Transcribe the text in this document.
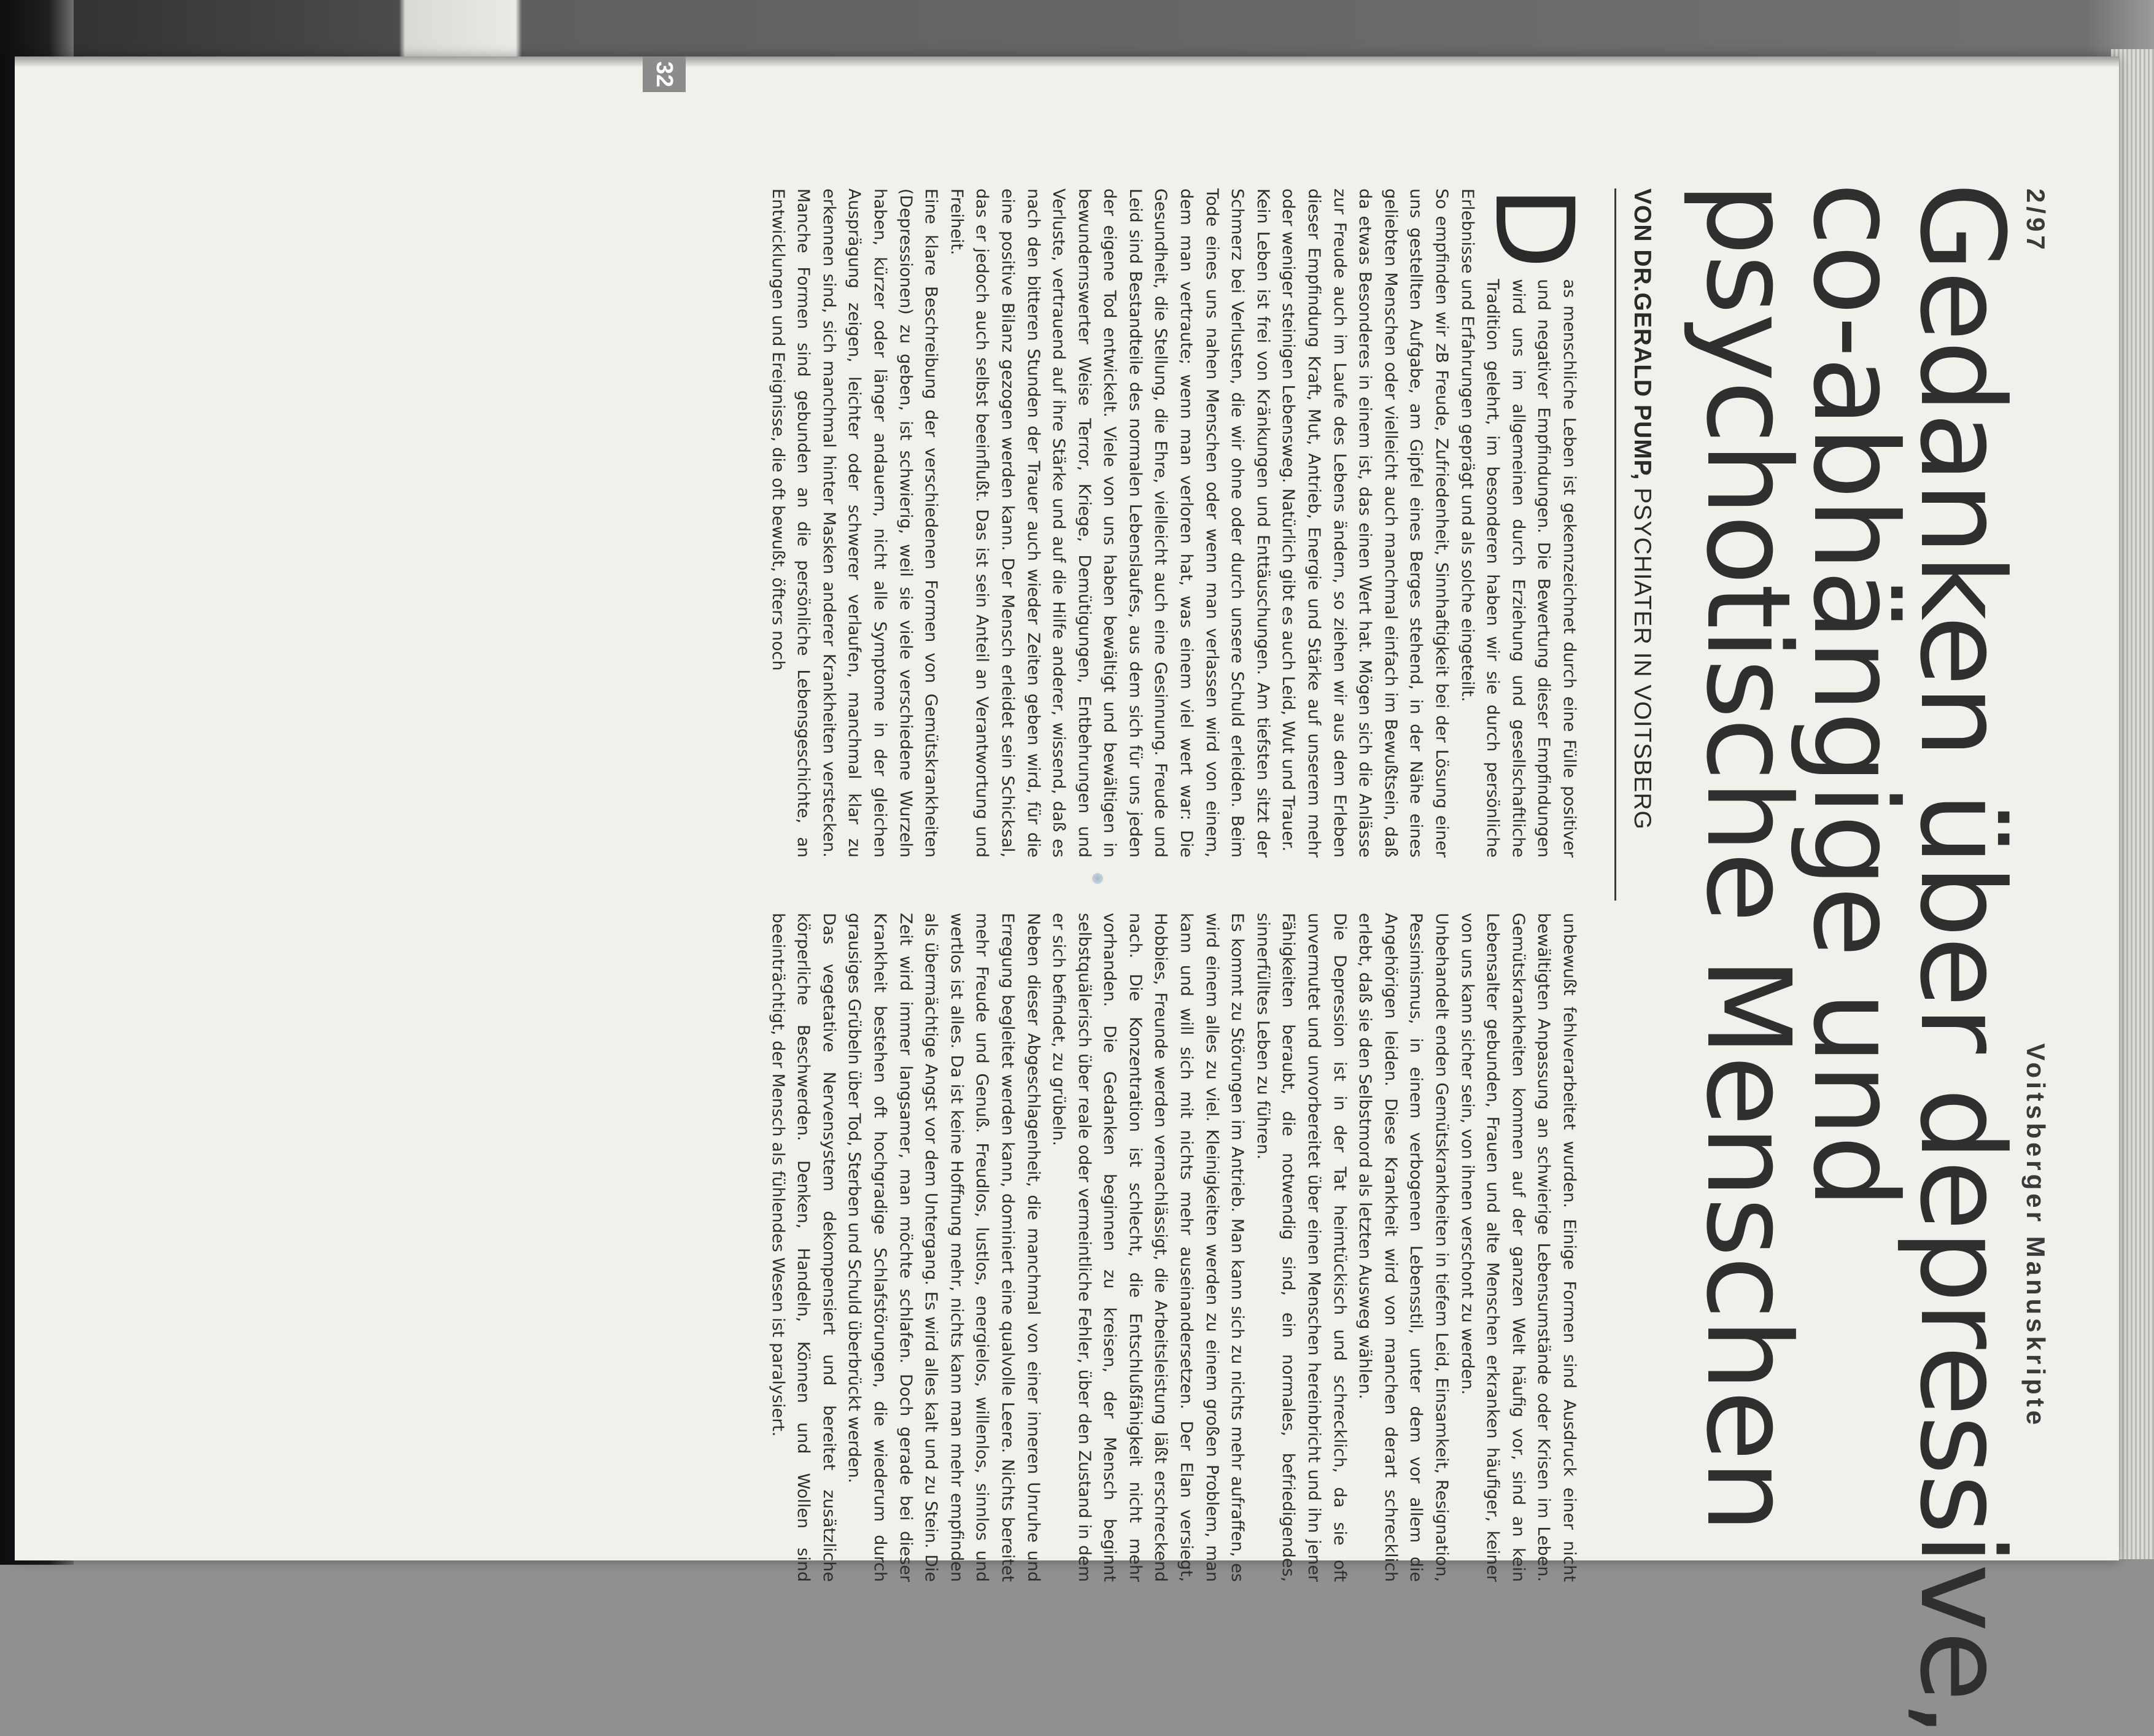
2/97
Voitsberger Manuskripte
Gedanken über depressive,
co-abhängige und
psychotische Menschen
VON DR.GERALD PUMP, PSYCHIATER IN VOITSBERG
D

as menschliche Leben ist gekennzeichnet durch eine Fülle positiver und negativer Empfindungen. Die Bewertung dieser Empfindungen wird uns im allgemeinen durch Erziehung und gesellschaftliche Tradition gelehrt, im besonderen haben wir sie durch persönliche Erlebnisse und Erfahrungen geprägt und als solche eingeteilt.

So empfinden wir zB Freude, Zufriedenheit, Sinnhaftigkeit bei der Lösung einer uns gestellten Aufgabe, am Gipfel eines Berges stehend, in der Nähe eines geliebten Menschen oder vielleicht auch manchmal einfach im Bewußtsein, daß da etwas Besonderes in einem ist, das einen Wert hat. Mögen sich die Anlässe zur Freude auch im Laufe des Lebens ändern, so ziehen wir aus dem Erleben dieser Empfindung Kraft, Mut, Antrieb, Energie und Stärke auf unserem mehr oder weniger steinigen Lebensweg. Natürlich gibt es auch Leid, Wut und Trauer.

Kein Leben ist frei von Kränkungen und Enttäuschungen. Am tiefsten sitzt der Schmerz bei Verlusten, die wir ohne oder durch unsere Schuld erleiden. Beim Tode eines uns nahen Menschen oder wenn man verlassen wird von einem, dem man vertraute; wenn man verloren hat, was einem viel wert war: Die Gesundheit, die Stellung, die Ehre, vielleicht auch eine Gesinnung. Freude und Leid sind Bestandteile des normalen Lebenslaufes, aus dem sich für uns jeden der eigene Tod entwickelt. Viele von uns haben bewältigt und bewältigen in bewundernswerter Weise Terror, Kriege, Demütigungen, Entbehrungen und Verluste, vertrauend auf ihre Stärke und auf die Hilfe anderer, wissend, daß es nach den bitteren Stunden der Trauer auch wieder Zeiten geben wird, für die eine positive Bilanz gezogen werden kann. Der Mensch erleidet sein Schicksal, das er jedoch auch selbst beeinflußt. Das ist sein Anteil an Verantwortung und Freiheit.

Eine klare Beschreibung der verschiedenen Formen von Gemütskrankheiten (Depressionen) zu geben, ist schwierig, weil sie viele verschiedene Wurzeln haben, kürzer oder länger andauern, nicht alle Symptome in der gleichen Ausprägung zeigen, leichter oder schwerer verlaufen, manchmal klar zu erkennen sind, sich manchmal hinter Masken anderer Krankheiten verstecken. Manche Formen sind gebunden an die persönliche Lebensgeschichte, an Entwicklungen und Ereignisse, die oft bewußt, öfters noch

unbewußt fehlverarbeitet wurden. Einige Formen sind Ausdruck einer nicht bewältigten Anpassung an schwierige Lebensumstände oder Krisen im Leben. Gemütskrankheiten kommen auf der ganzen Welt häufig vor, sind an kein Lebensalter gebunden, Frauen und alte Menschen erkranken häufiger, keiner von uns kann sicher sein, von ihnen verschont zu werden.

Unbehandelt enden Gemütskrankheiten in tiefem Leid, Einsamkeit, Resignation, Pessimismus, in einem verbogenen Lebensstil, unter dem vor allem die Angehörigen leiden. Diese Krankheit wird von manchen derart schrecklich erlebt, daß sie den Selbstmord als letzten Ausweg wählen.

Die Depression ist in der Tat heimtückisch und schrecklich, da sie oft unvermutet und unvorbereitet über einen Menschen hereinbricht und ihn jener Fähigkeiten beraubt, die notwendig sind, ein normales, befriedigendes, sinnerfülltes Leben zu führen.

Es kommt zu Störungen im Antrieb. Man kann sich zu nichts mehr aufraffen, es wird einem alles zu viel. Kleinigkeiten werden zu einem großen Problem, man kann und will sich mit nichts mehr auseinandersetzen. Der Elan versiegt, Hobbies, Freunde werden vernachlässigt, die Arbeitsleistung läßt erschreckend nach. Die Konzentration ist schlecht, die Entschlußfähigkeit nicht mehr vorhanden. Die Gedanken beginnen zu kreisen, der Mensch beginnt selbstquälerisch über reale oder vermeintliche Fehler, über den Zustand in dem er sich befindet, zu grübeln.

Neben dieser Abgeschlagenheit, die manchmal von einer inneren Unruhe und Erregung begleitet werden kann, dominiert eine qualvolle Leere. Nichts bereitet mehr Freude und Genuß. Freudlos, lustlos, energielos, willenlos, sinnlos und wertlos ist alles. Da ist keine Hoffnung mehr, nichts kann man mehr empfinden als übermächtige Angst vor dem Untergang. Es wird alles kalt und zu Stein. Die Zeit wird immer langsamer, man möchte schlafen. Doch gerade bei dieser Krankheit bestehen oft hochgradige Schlafstörungen, die wiederum durch grausiges Grübeln über Tod, Sterben und Schuld überbrückt werden.

Das vegetative Nervensystem dekompensiert und bereitet zusätzliche körperliche Beschwerden. Denken, Handeln, Können und Wollen sind beeinträchtigt, der Mensch als fühlendes Wesen ist paralysiert.

32
